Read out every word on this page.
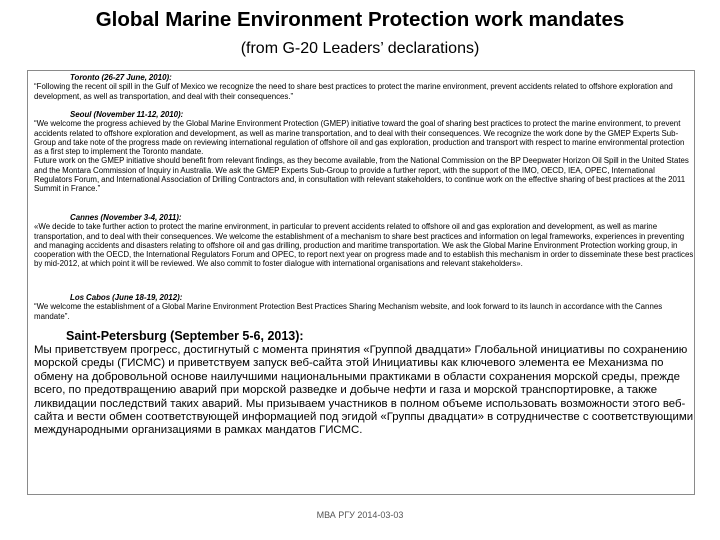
Global Marine Environment Protection work mandates
(from G-20 Leaders’ declarations)
Toronto (26-27 June, 2010):

“Following the recent oil spill in the Gulf of Mexico we recognize the need to share best practices to protect the marine environment, prevent accidents related to offshore exploration and development, as well as transportation, and deal with their consequences.”

Seoul (November 11-12, 2010):

“We welcome the progress achieved by the Global Marine Environment Protection (GMEP) initiative toward the goal of sharing best practices to protect the marine environment, to prevent accidents related to offshore exploration and development, as well as marine transportation, and to deal with their consequences. We recognize the work done by the GMEP Experts Sub-Group and take note of the progress made on reviewing international regulation of offshore oil and gas exploration, production and transport with respect to marine environmental protection as a first step to implement the Toronto mandate.

Future work on the GMEP initiative should benefit from relevant findings, as they become available, from the National Commission on the BP Deepwater Horizon Oil Spill in the United States and the Montara Commission of Inquiry in Australia. We ask the GMEP Experts Sub-Group to provide a further report, with the support of the IMO, OECD, IEA, OPEC, International Regulators Forum, and International Association of Drilling Contractors and, in consultation with relevant stakeholders, to continue work on the effective sharing of best practices at the 2011 Summit in France.”

Cannes (November 3-4, 2011):

«We decide to take further action to protect the marine environment, in particular to prevent accidents related to offshore oil and gas exploration and development, as well as marine transportation, and to deal with their consequences. We welcome the establishment of a mechanism to share best practices and information on legal frameworks, experiences in preventing and managing accidents and disasters relating to offshore oil and gas drilling, production and maritime transportation. We ask the Global Marine Environment Protection working group, in cooperation with the OECD, the International Regulators Forum and OPEC, to report next year on progress made and to establish this mechanism in order to disseminate these best practices by mid-2012, at which point it will be reviewed. We also commit to foster dialogue with international organisations and relevant stakeholders».

Los Cabos (June 18-19, 2012):

“We welcome the establishment of a Global Marine Environment Protection Best Practices Sharing Mechanism website, and look forward to its launch in accordance with the Cannes mandate”.

Saint-Petersburg (September 5-6, 2013):

Мы приветствуем прогресс, достигнутый с момента принятия «Группой двадцати» Глобальной инициативы по сохранению морской среды (ГИСМС) и приветствуем запуск веб-сайта этой Инициативы как ключевого элемента ее Механизма по обмену на добровольной основе наилучшими национальными практиками в области сохранения морской среды, прежде всего, по предотвращению аварий при морской разведке и добыче нефти и газа и морской транспортировке, а также ликвидации последствий таких аварий. Мы призываем участников в полном объеме использовать возможности этого веб-сайта и вести обмен соответствующей информацией под эгидой «Группы двадцати» в сотрудничестве с соответствующими международными организациями в рамках мандатов ГИСМС.

МВА РГУ 2014-03-03
